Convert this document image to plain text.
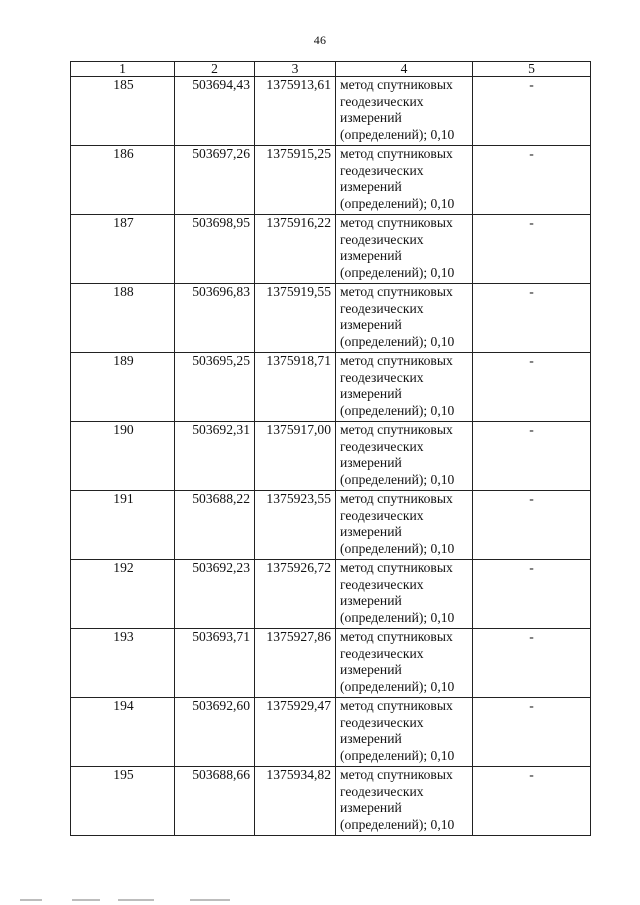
46
1	2	3	4	5
185	503694,43	1375913,61	метод спутниковых геодезических измерений (определений); 0,10	-
186	503697,26	1375915,25	метод спутниковых геодезических измерений (определений); 0,10	-
187	503698,95	1375916,22	метод спутниковых геодезических измерений (определений); 0,10	-
188	503696,83	1375919,55	метод спутниковых геодезических измерений (определений); 0,10	-
189	503695,25	1375918,71	метод спутниковых геодезических измерений (определений); 0,10	-
190	503692,31	1375917,00	метод спутниковых геодезических измерений (определений); 0,10	-
191	503688,22	1375923,55	метод спутниковых геодезических измерений (определений); 0,10	-
192	503692,23	1375926,72	метод спутниковых геодезических измерений (определений); 0,10	-
193	503693,71	1375927,86	метод спутниковых геодезических измерений (определений); 0,10	-
194	503692,60	1375929,47	метод спутниковых геодезических измерений (определений); 0,10	-
195	503688,66	1375934,82	метод спутниковых геодезических измерений (определений); 0,10	-
